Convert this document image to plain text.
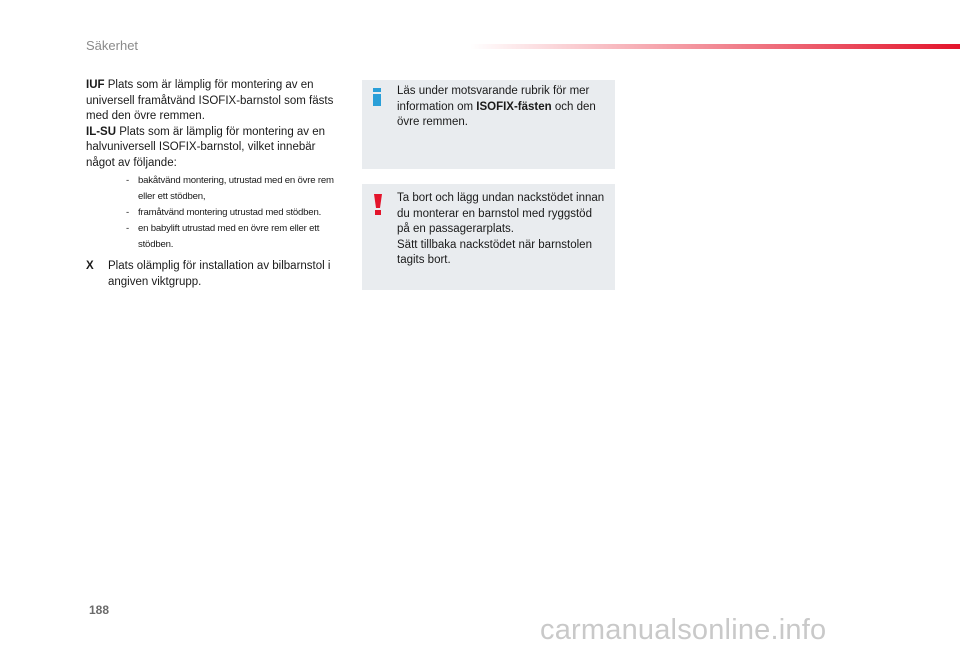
Säkerhet
IUF Plats som är lämplig för montering av en universell framåtvänd ISOFIX-barnstol som fästs med den övre remmen.
IL-SU Plats som är lämplig för montering av en halvuniversell ISOFIX-barnstol, vilket innebär något av följande:
- bakåtvänd montering, utrustad med en övre rem eller ett stödben,
- framåtvänd montering utrustad med stödben.
- en babylift utrustad med en övre rem eller ett stödben.
X Plats olämplig för installation av bilbarnstol i angiven viktgrupp.
Läs under motsvarande rubrik för mer information om ISOFIX-fästen och den övre remmen.
Ta bort och lägg undan nackstödet innan du monterar en barnstol med ryggstöd på en passagerarplats.
Sätt tillbaka nackstödet när barnstolen tagits bort.
188
carmanualsonline.info
